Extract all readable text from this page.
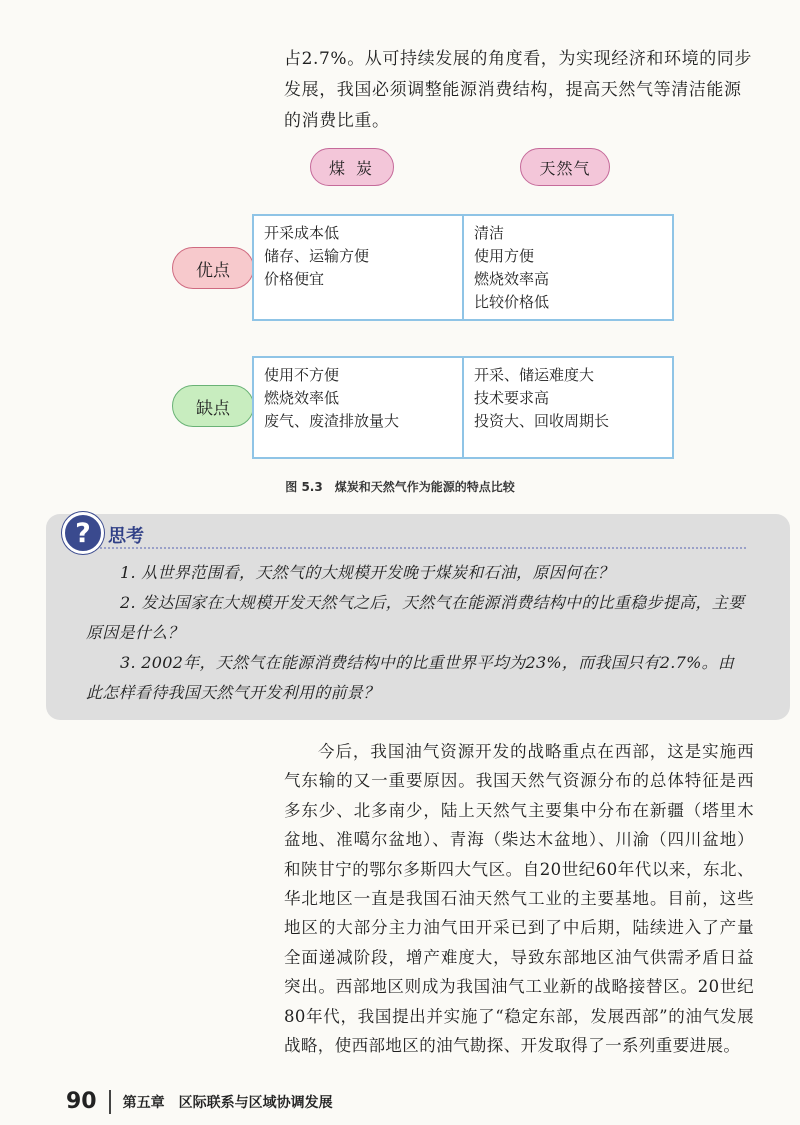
占2.7%。从可持续发展的角度看，为实现经济和环境的同步发展，我国必须调整能源消费结构，提高天然气等清洁能源的消费比重。

煤 炭	天然气
优点
开采成本低
储存、运输方便
价格便宜
清洁
使用方便
燃烧效率高
比较价格低
缺点
使用不方便
燃烧效率低
废气、废渣排放量大
开采、储运难度大
技术要求高
投资大、回收周期长
图 5.3　煤炭和天然气作为能源的特点比较
? 思考

1. 从世界范围看，天然气的大规模开发晚于煤炭和石油，原因何在？

2. 发达国家在大规模开发天然气之后，天然气在能源消费结构中的比重稳步提高，主要原因是什么？

3. 2002年，天然气在能源消费结构中的比重世界平均为23%，而我国只有2.7%。由此怎样看待我国天然气开发利用的前景？

今后，我国油气资源开发的战略重点在西部，这是实施西气东输的又一重要原因。我国天然气资源分布的总体特征是西多东少、北多南少，陆上天然气主要集中分布在新疆（塔里木盆地、准噶尔盆地）、青海（柴达木盆地）、川渝（四川盆地）和陕甘宁的鄂尔多斯四大气区。自20世纪60年代以来，东北、华北地区一直是我国石油天然气工业的主要基地。目前，这些地区的大部分主力油气田开采已到了中后期，陆续进入了产量全面递减阶段，增产难度大，导致东部地区油气供需矛盾日益突出。西部地区则成为我国油气工业新的战略接替区。20世纪80年代，我国提出并实施了“稳定东部，发展西部”的油气发展战略，使西部地区的油气勘探、开发取得了一系列重要进展。

90 第五章　区际联系与区域协调发展
